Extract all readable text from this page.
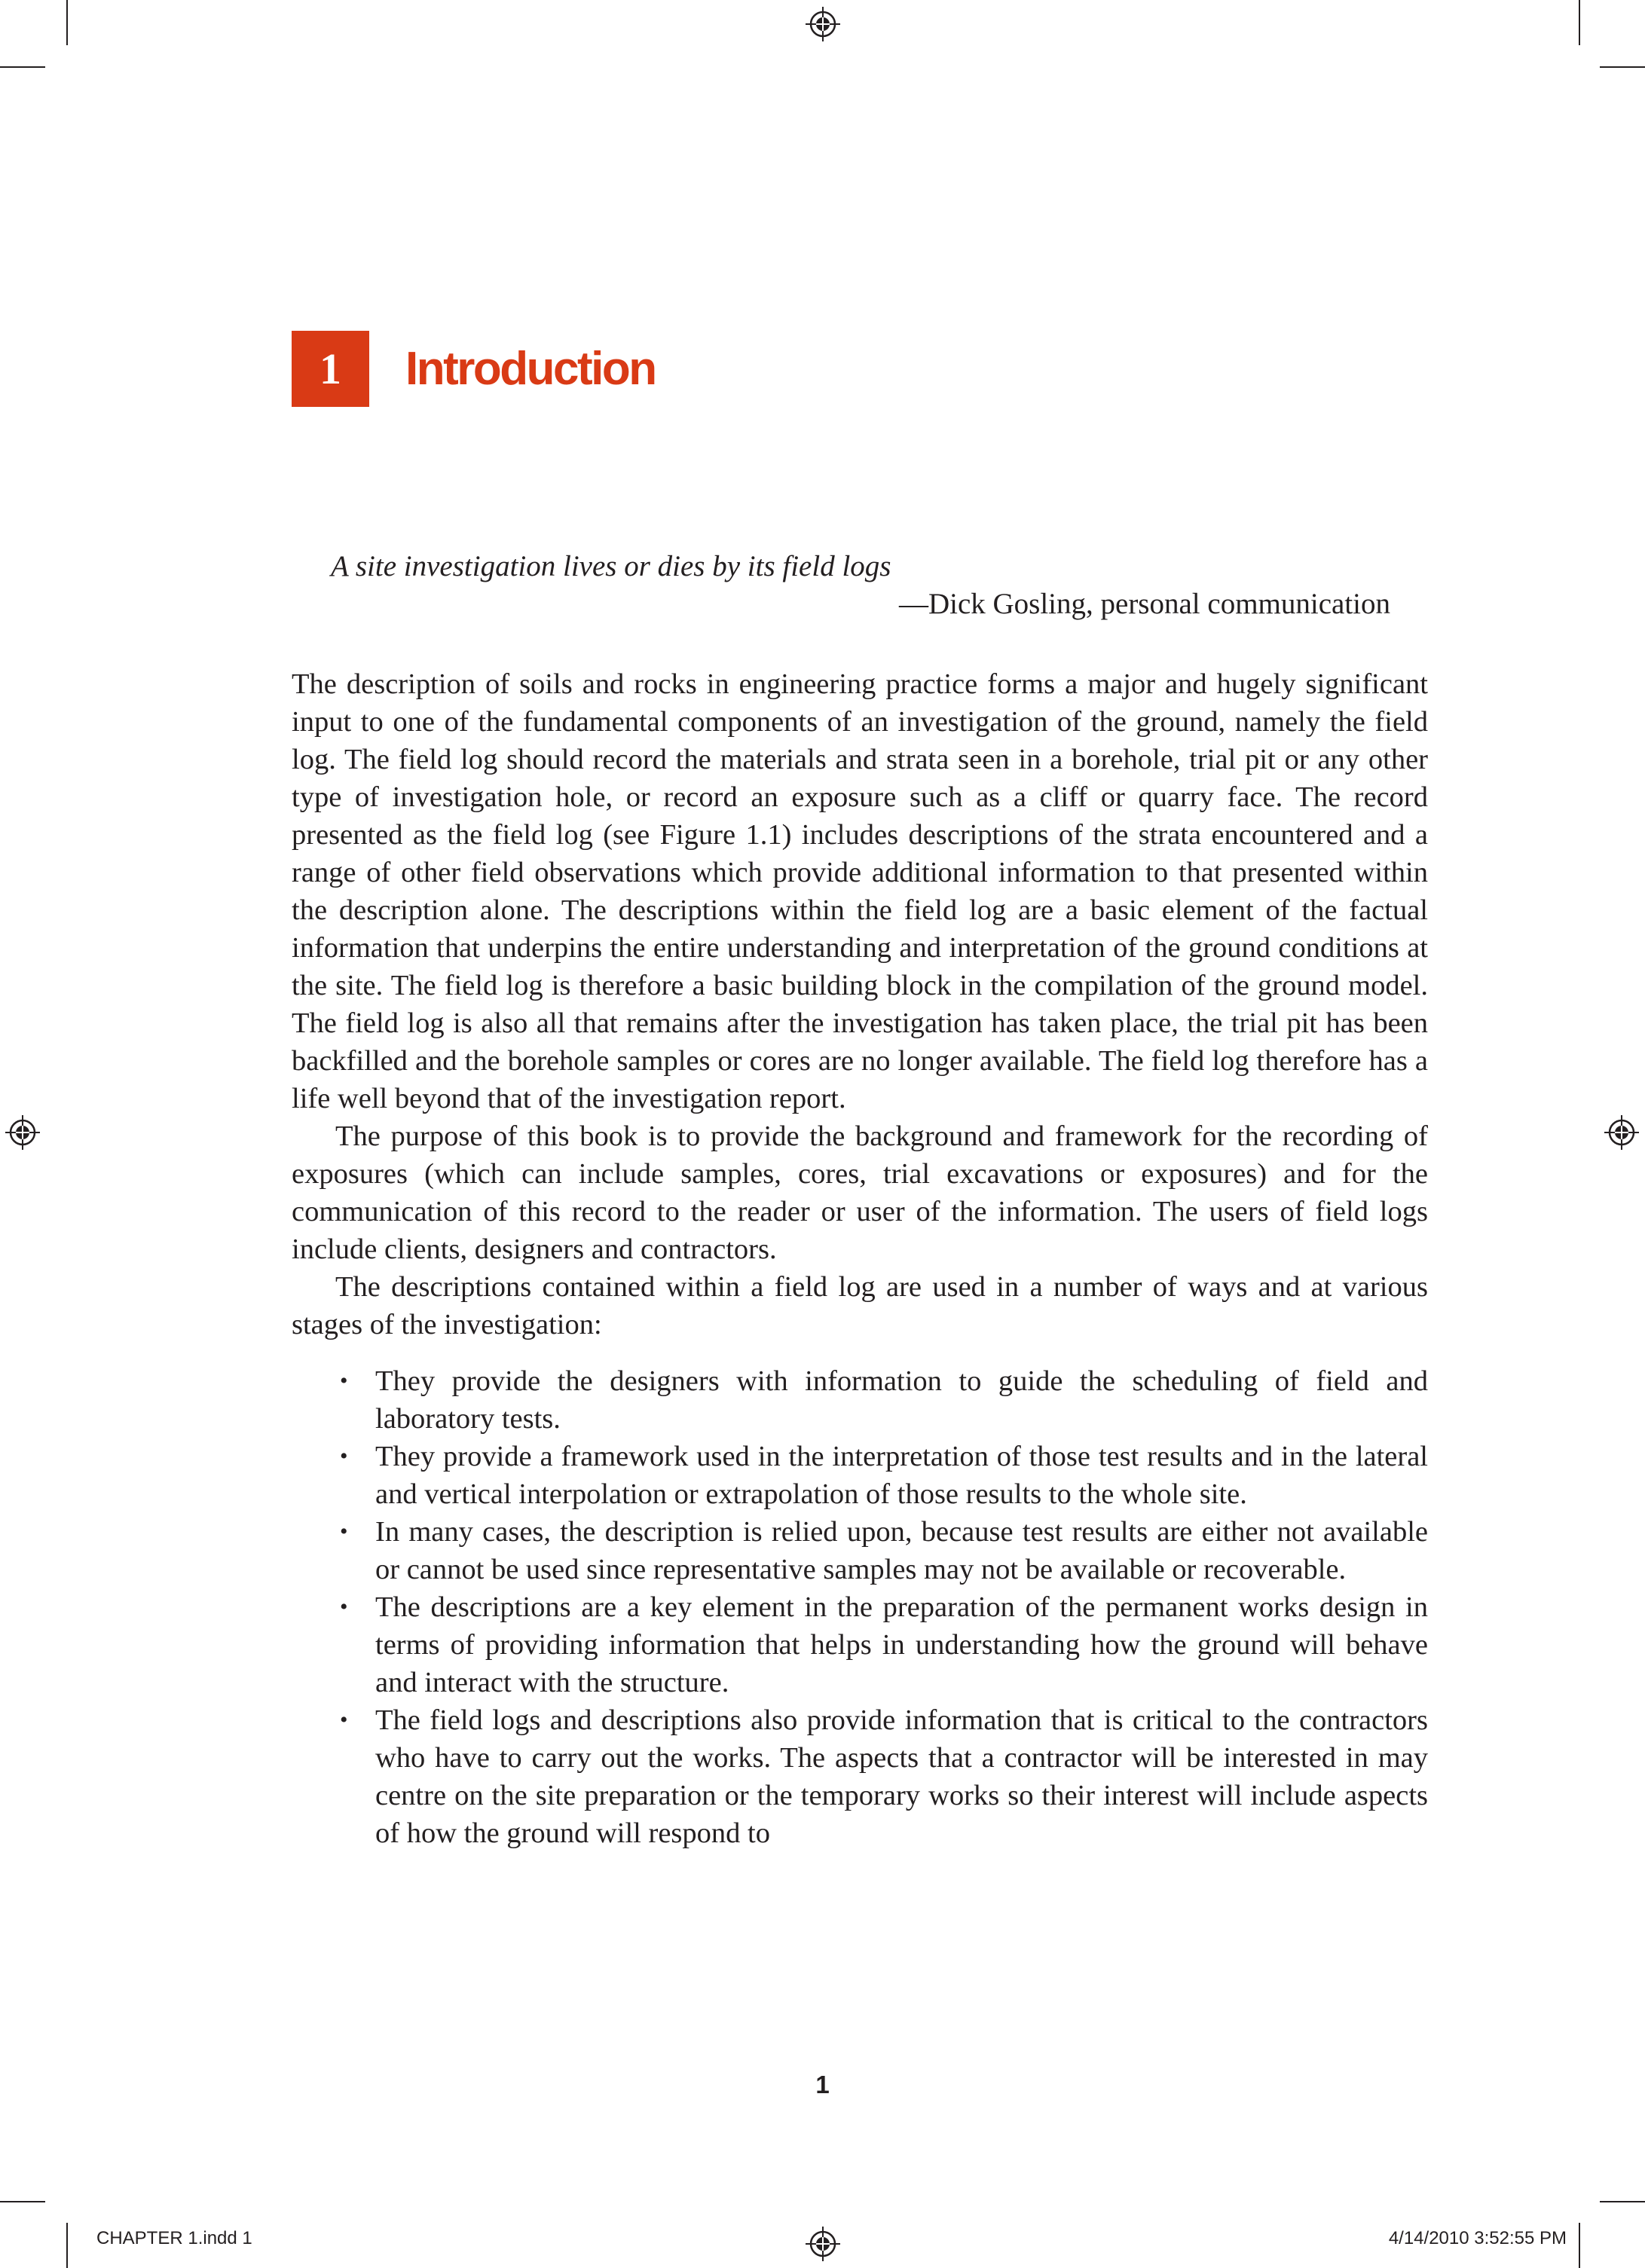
1	Introduction
A site investigation lives or dies by its field logs
—Dick Gosling, personal communication

The description of soils and rocks in engineering practice forms a major and hugely significant input to one of the fundamental components of an investigation of the ground, namely the field log. The field log should record the materials and strata seen in a borehole, trial pit or any other type of investigation hole, or record an exposure such as a cliff or quarry face. The record presented as the field log (see Figure 1.1) includes descriptions of the strata encountered and a range of other field observations which provide additional information to that presented within the description alone. The descriptions within the field log are a basic element of the factual information that underpins the entire understanding and interpretation of the ground conditions at the site. The field log is therefore a basic building block in the compilation of the ground model. The field log is also all that remains after the investigation has taken place, the trial pit has been backfilled and the borehole samples or cores are no longer available. The field log therefore has a life well beyond that of the investigation report.

The purpose of this book is to provide the background and framework for the recording of exposures (which can include samples, cores, trial excavations or exposures) and for the communication of this record to the reader or user of the information. The users of field logs include clients, designers and contractors.

The descriptions contained within a field log are used in a number of ways and at various stages of the investigation:

• They provide the designers with information to guide the scheduling of field and laboratory tests.
• They provide a framework used in the interpretation of those test results and in the lateral and vertical interpolation or extrapolation of those results to the whole site.
• In many cases, the description is relied upon, because test results are either not available or cannot be used since representative samples may not be available or recoverable.
• The descriptions are a key element in the preparation of the permanent works design in terms of providing information that helps in understanding how the ground will behave and interact with the structure.
• The field logs and descriptions also provide information that is critical to the contractors who have to carry out the works. The aspects that a contractor will be interested in may centre on the site preparation or the temporary works so their interest will include aspects of how the ground will respond to
1
CHAPTER 1.indd 1	4/14/2010 3:52:55 PM
